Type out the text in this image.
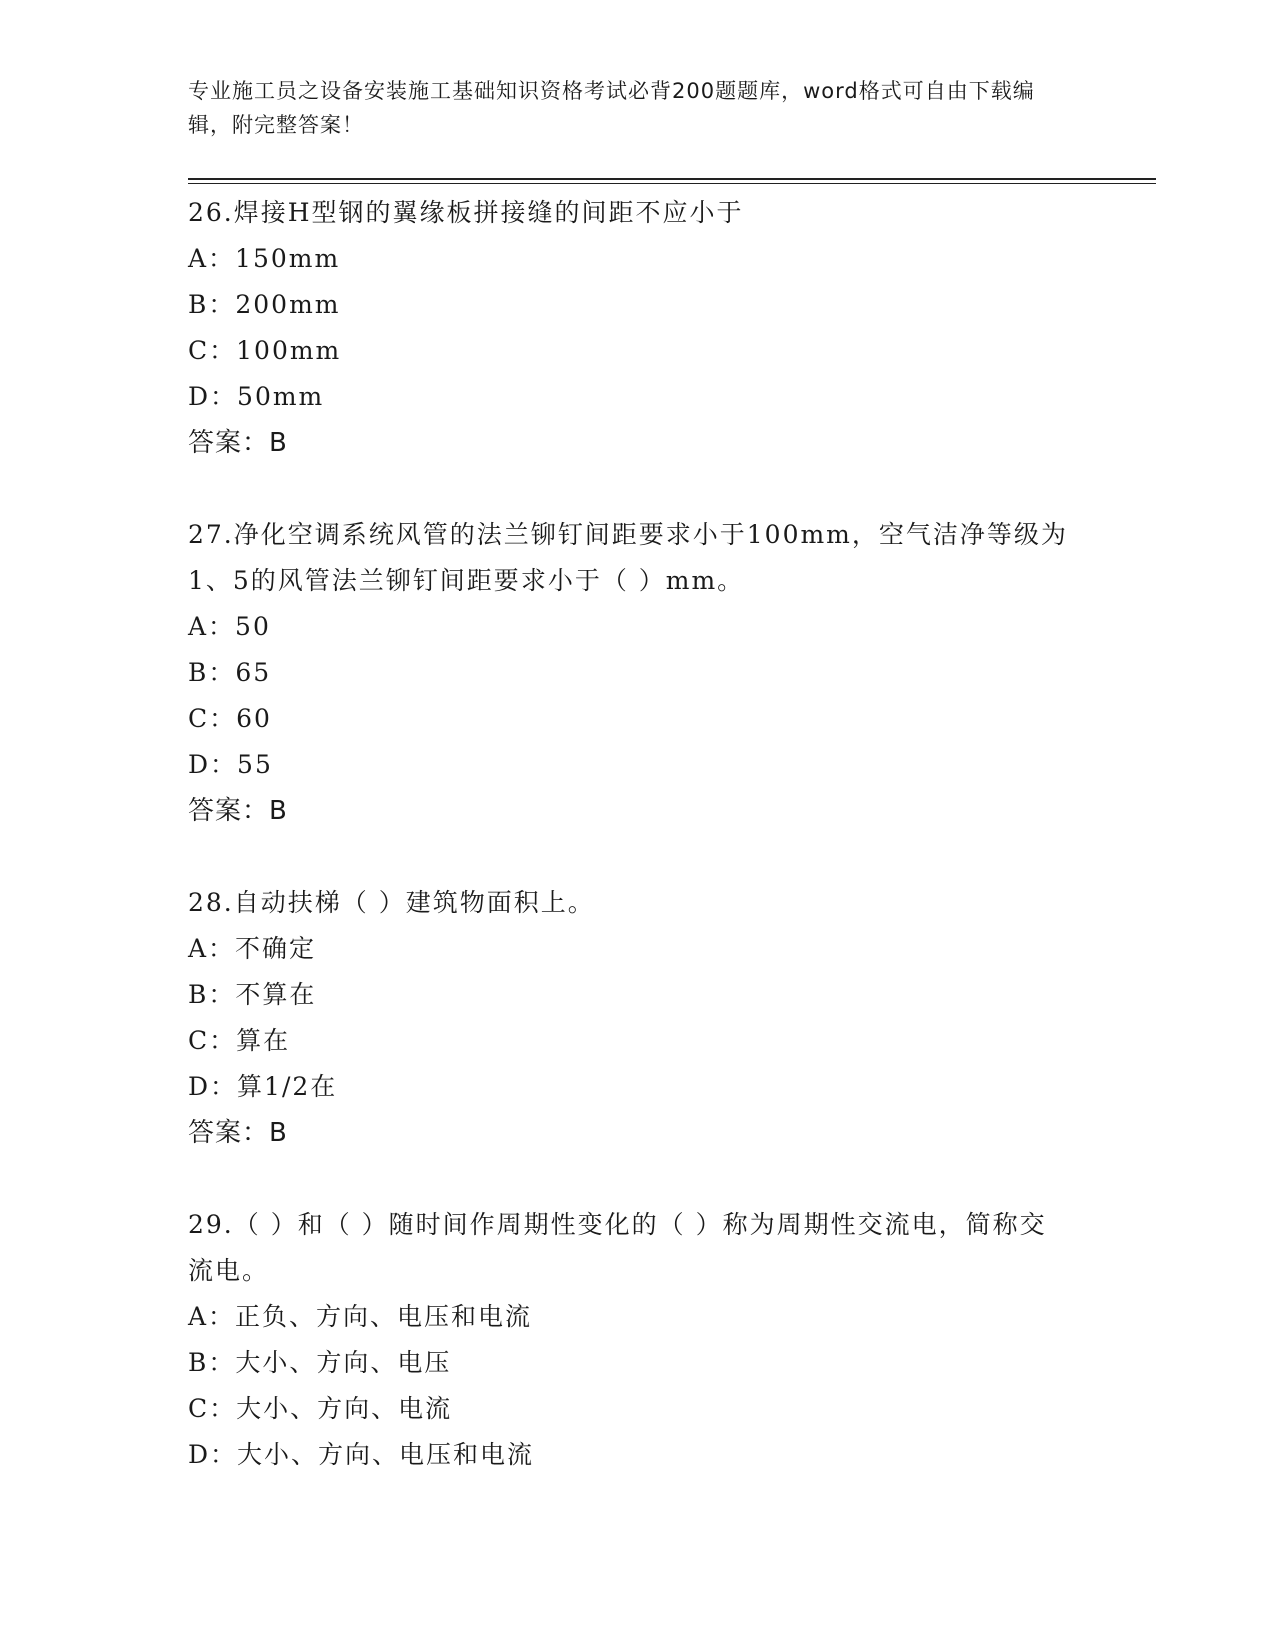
专业施工员之设备安装施工基础知识资格考试必背200题题库，word格式可自由下载编辑，附完整答案！
26.焊接H型钢的翼缘板拼接缝的间距不应小于
A：150mm
B：200mm
C：100mm
D：50mm
答案：B
27.净化空调系统风管的法兰铆钉间距要求小于100mm，空气洁净等级为1、5的风管法兰铆钉间距要求小于（ ）mm。
A：50
B：65
C：60
D：55
答案：B
28.自动扶梯（ ）建筑物面积上。
A：不确定
B：不算在
C：算在
D：算1/2在
答案：B
29.（ ）和（ ）随时间作周期性变化的（ ）称为周期性交流电，简称交流电。
A：正负、方向、电压和电流
B：大小、方向、电压
C：大小、方向、电流
D：大小、方向、电压和电流
